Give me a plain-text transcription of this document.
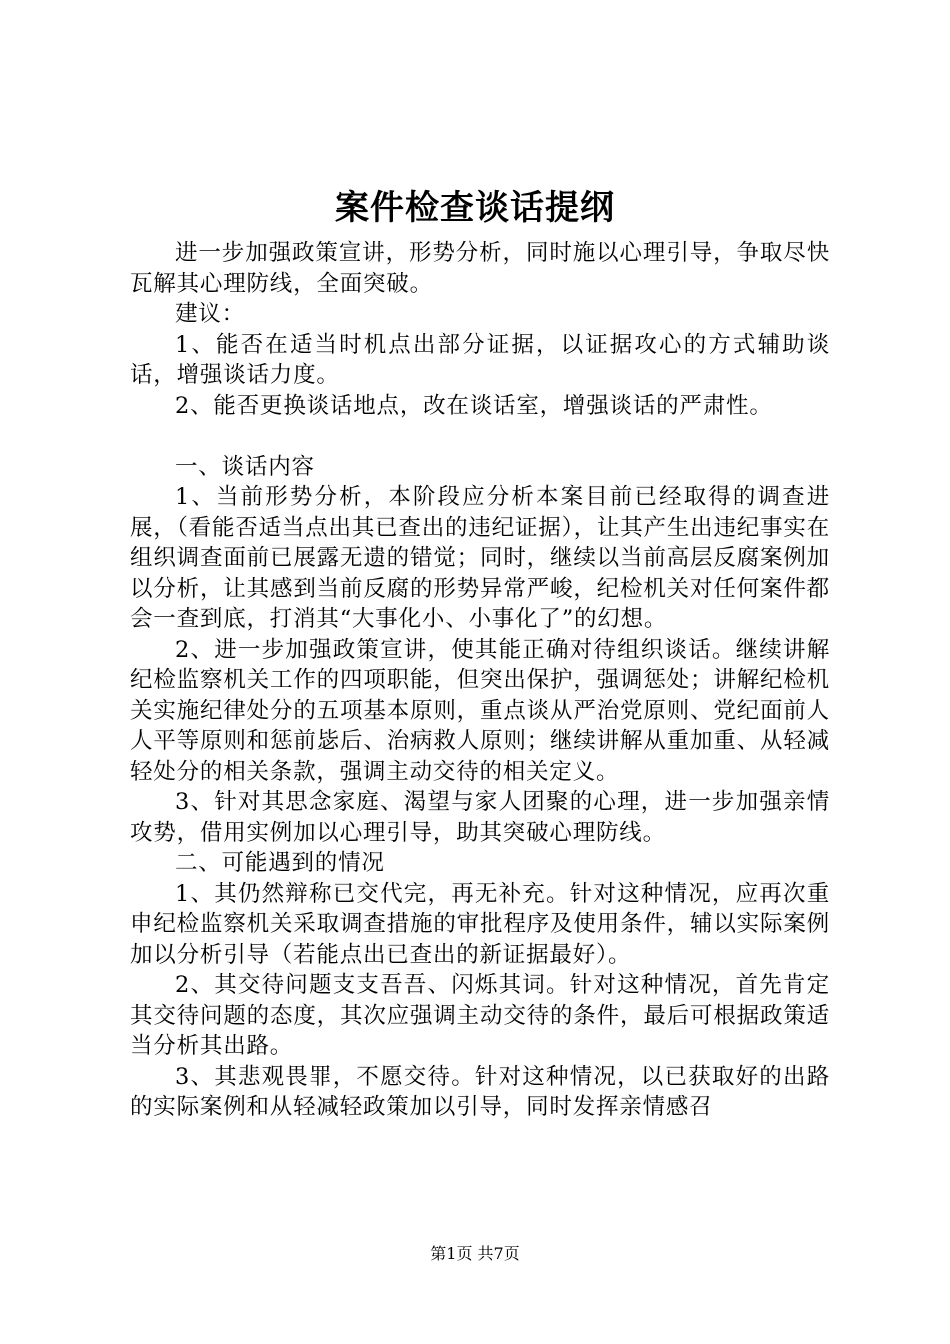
案件检查谈话提纲

进一步加强政策宣讲，形势分析，同时施以心理引导，争取尽快瓦解其心理防线，全面突破。

建议：

1、能否在适当时机点出部分证据，以证据攻心的方式辅助谈话，增强谈话力度。

2、能否更换谈话地点，改在谈话室，增强谈话的严肃性。

一、谈话内容

1、当前形势分析，本阶段应分析本案目前已经取得的调查进展，（看能否适当点出其已查出的违纪证据），让其产生出违纪事实在组织调查面前已展露无遗的错觉；同时，继续以当前高层反腐案例加以分析，让其感到当前反腐的形势异常严峻，纪检机关对任何案件都会一查到底，打消其“大事化小、小事化了”的幻想。

2、进一步加强政策宣讲，使其能正确对待组织谈话。继续讲解纪检监察机关工作的四项职能，但突出保护，强调惩处；讲解纪检机关实施纪律处分的五项基本原则，重点谈从严治党原则、党纪面前人人平等原则和惩前毖后、治病救人原则；继续讲解从重加重、从轻减轻处分的相关条款，强调主动交待的相关定义。

3、针对其思念家庭、渴望与家人团聚的心理，进一步加强亲情攻势，借用实例加以心理引导，助其突破心理防线。

二、可能遇到的情况

1、其仍然辩称已交代完，再无补充。针对这种情况，应再次重申纪检监察机关采取调查措施的审批程序及使用条件，辅以实际案例加以分析引导（若能点出已查出的新证据最好）。

2、其交待问题支支吾吾、闪烁其词。针对这种情况，首先肯定其交待问题的态度，其次应强调主动交待的条件，最后可根据政策适当分析其出路。

3、其悲观畏罪，不愿交待。针对这种情况，以已获取好的出路的实际案例和从轻减轻政策加以引导，同时发挥亲情感召

第1页 共7页
